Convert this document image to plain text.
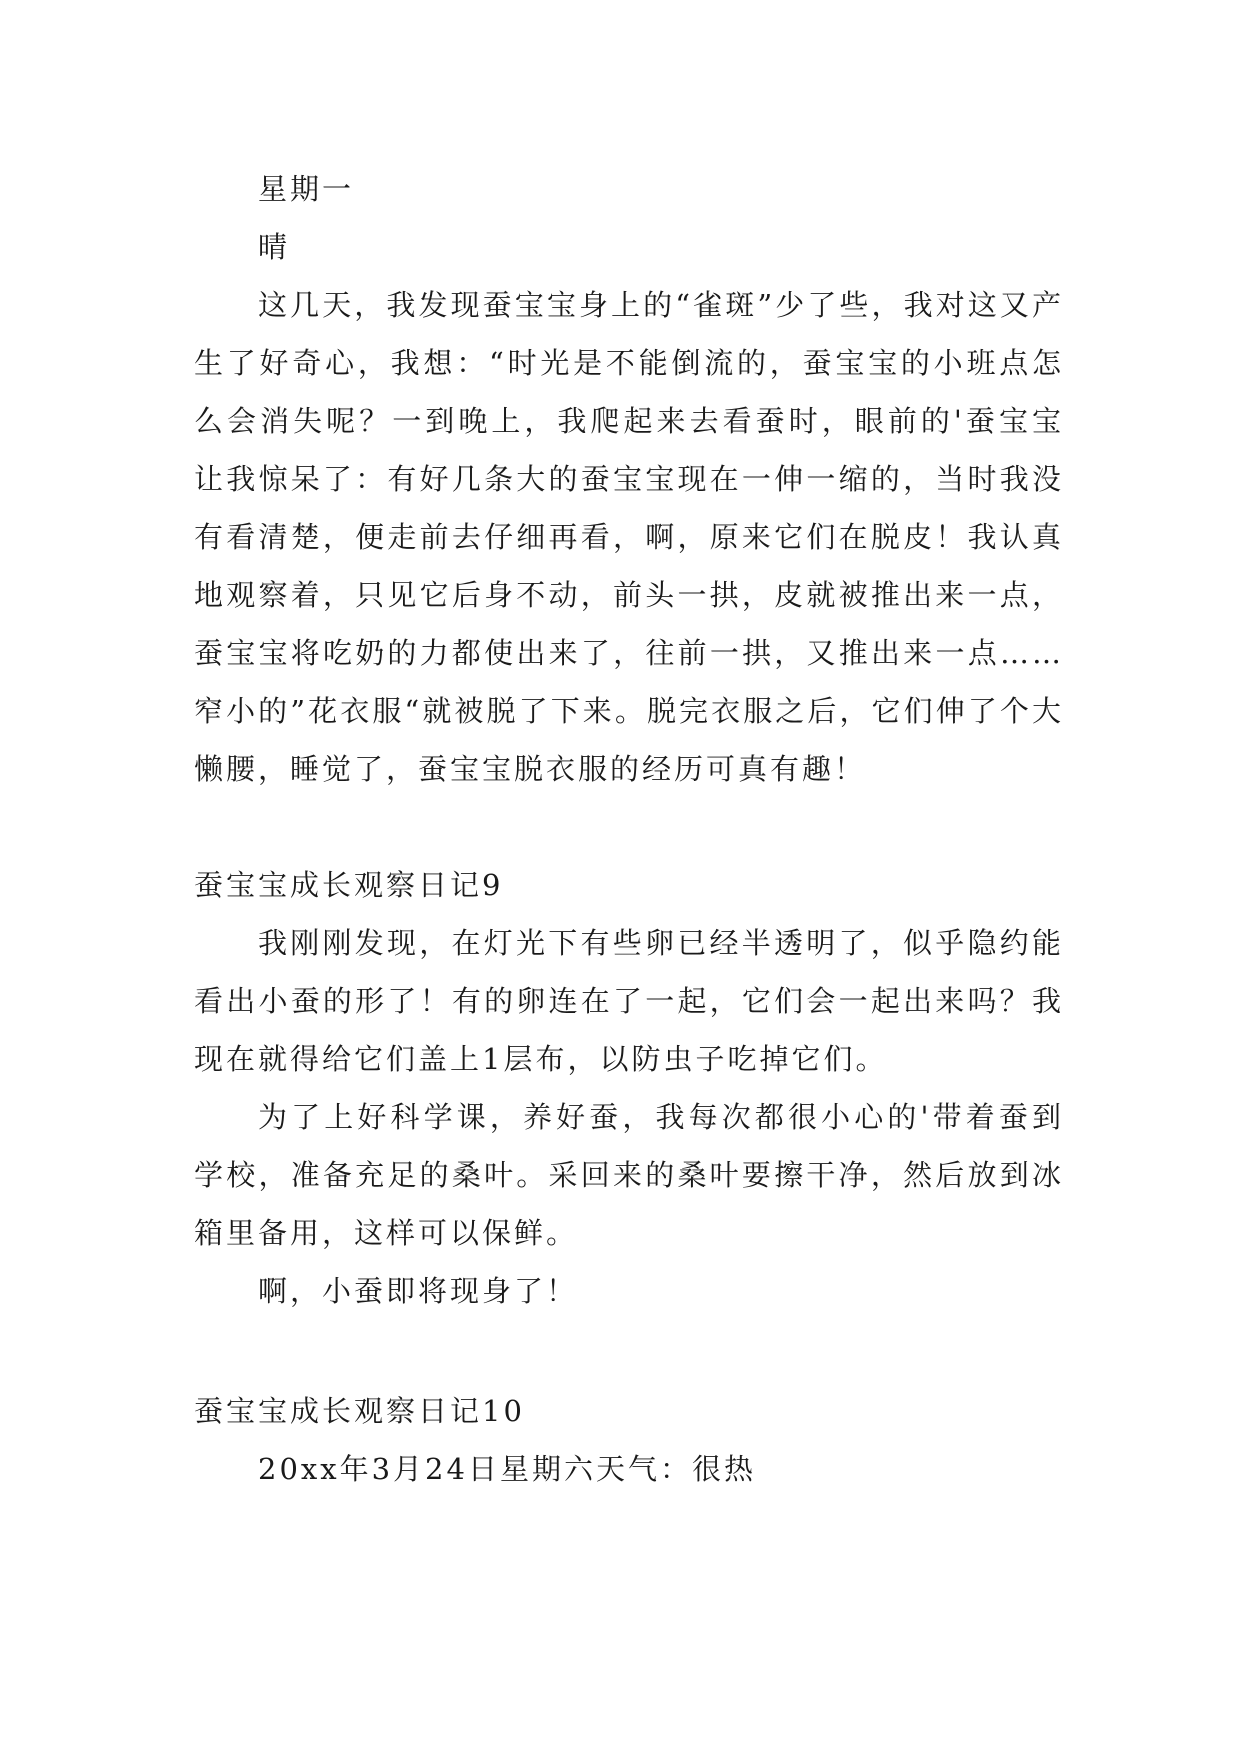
星期一
晴

这几天，我发现蚕宝宝身上的“雀斑”少了些，我对这又产生了好奇心，我想：“时光是不能倒流的，蚕宝宝的小班点怎么会消失呢？一到晚上，我爬起来去看蚕时，眼前的'蚕宝宝让我惊呆了：有好几条大的蚕宝宝现在一伸一缩的，当时我没有看清楚，便走前去仔细再看，啊，原来它们在脱皮！我认真地观察着，只见它后身不动，前头一拱，皮就被推出来一点，蚕宝宝将吃奶的力都使出来了，往前一拱，又推出来一点……窄小的”花衣服“就被脱了下来。脱完衣服之后，它们伸了个大懒腰，睡觉了，蚕宝宝脱衣服的经历可真有趣！

蚕宝宝成长观察日记9

我刚刚发现，在灯光下有些卵已经半透明了，似乎隐约能看出小蚕的形了！有的卵连在了一起，它们会一起出来吗？我现在就得给它们盖上1层布，以防虫子吃掉它们。

为了上好科学课，养好蚕，我每次都很小心的'带着蚕到学校，准备充足的桑叶。采回来的桑叶要擦干净，然后放到冰箱里备用，这样可以保鲜。

啊，小蚕即将现身了！

蚕宝宝成长观察日记10

20xx年3月24日星期六天气：很热
